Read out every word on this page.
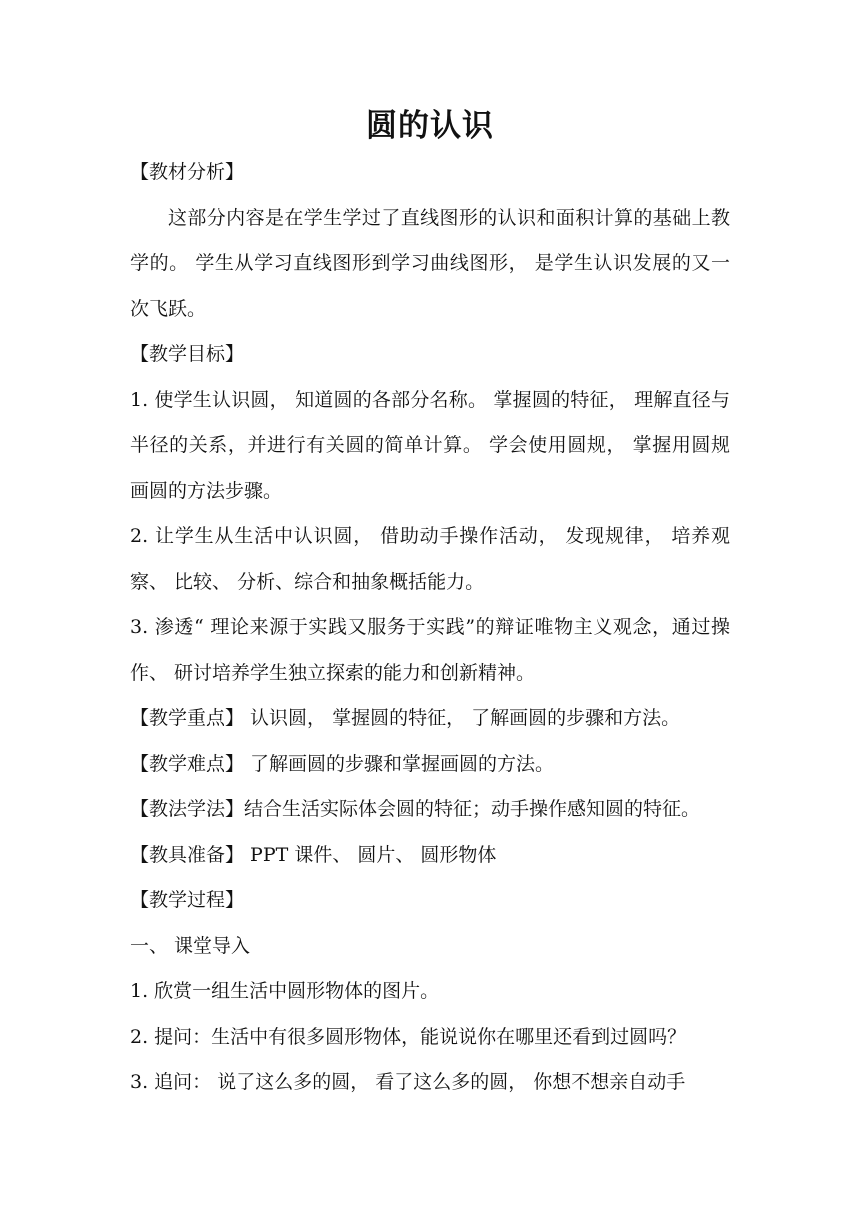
圆的认识

【教材分析】

这部分内容是在学生学过了直线图形的认识和面积计算的基础上教学的。 学生从学习直线图形到学习曲线图形， 是学生认识发展的又一次飞跃。

【教学目标】

1. 使学生认识圆， 知道圆的各部分名称。 掌握圆的特征， 理解直径与半径的关系，并进行有关圆的简单计算。 学会使用圆规， 掌握用圆规画圆的方法步骤。

2. 让学生从生活中认识圆， 借助动手操作活动， 发现规律， 培养观察、 比较、 分析、综合和抽象概括能力。

3. 渗透“ 理论来源于实践又服务于实践”的辩证唯物主义观念，通过操作、 研讨培养学生独立探索的能力和创新精神。

【教学重点】 认识圆， 掌握圆的特征， 了解画圆的步骤和方法。

【教学难点】 了解画圆的步骤和掌握画圆的方法。

【教法学法】结合生活实际体会圆的特征；动手操作感知圆的特征。

【教具准备】 PPT 课件、 圆片、 圆形物体

【教学过程】

一、 课堂导入

1. 欣赏一组生活中圆形物体的图片。

2. 提问：生活中有很多圆形物体，能说说你在哪里还看到过圆吗？

3. 追问： 说了这么多的圆， 看了这么多的圆， 你想不想亲自动手
